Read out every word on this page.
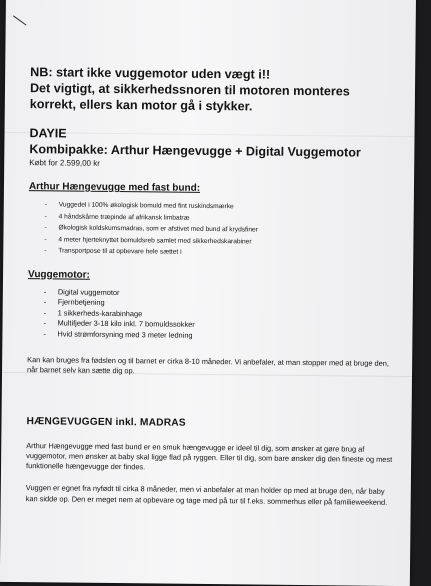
NB: start ikke vuggemotor uden vægt i!!

Det vigtigt, at sikkerhedssnoren til motoren monteres

korrekt, ellers kan motor gå i stykker.

DAYIE
Kombipakke: Arthur Hængevugge + Digital Vuggemotor
Købt for 2.599,00 kr
Arthur Hængevugge med fast bund:
- Vuggedel i 100% økologisk bomuld med fint ruskindsmærke
- 4 håndskårne træpinde af afrikansk limbatræ
- Økologisk koldskumsmadras, som er afstivet med bund af krydsfiner
- 4 meter hjerteknyttet bomuldsreb samlet med sikkerhedskarabiner
- Transportpose til at opbevare hele sættet i
Vuggemotor:
- Digital vuggemotor
- Fjernbetjening
- 1 sikkerheds-karabinhage
- Multifjeder 3-18 kilo inkl. 7 bomuldssokker
- Hvid strømforsyning med 3 meter ledning

Kan kan bruges fra fødslen og til barnet er cirka 8-10 måneder. Vi anbefaler, at man stopper med at bruge den, når barnet selv kan sætte dig op.

HÆNGEVUGGEN inkl. MADRAS

Arthur Hængevugge med fast bund er en smuk hængevugge er ideel til dig, som ønsker at gøre brug af vuggemotor, men ønsker at baby skal ligge flad på ryggen. Eller til dig, som bare ønsker dig den fineste og mest funktionelle hængevugge der findes.

Vuggen er egnet fra nyfødt til cirka 8 måneder, men vi anbefaler at man holder op med at bruge den, når baby kan sidde op. Den er meget nem at opbevare og tage med på tur til f.eks. sommerhus eller på familieweekend.
